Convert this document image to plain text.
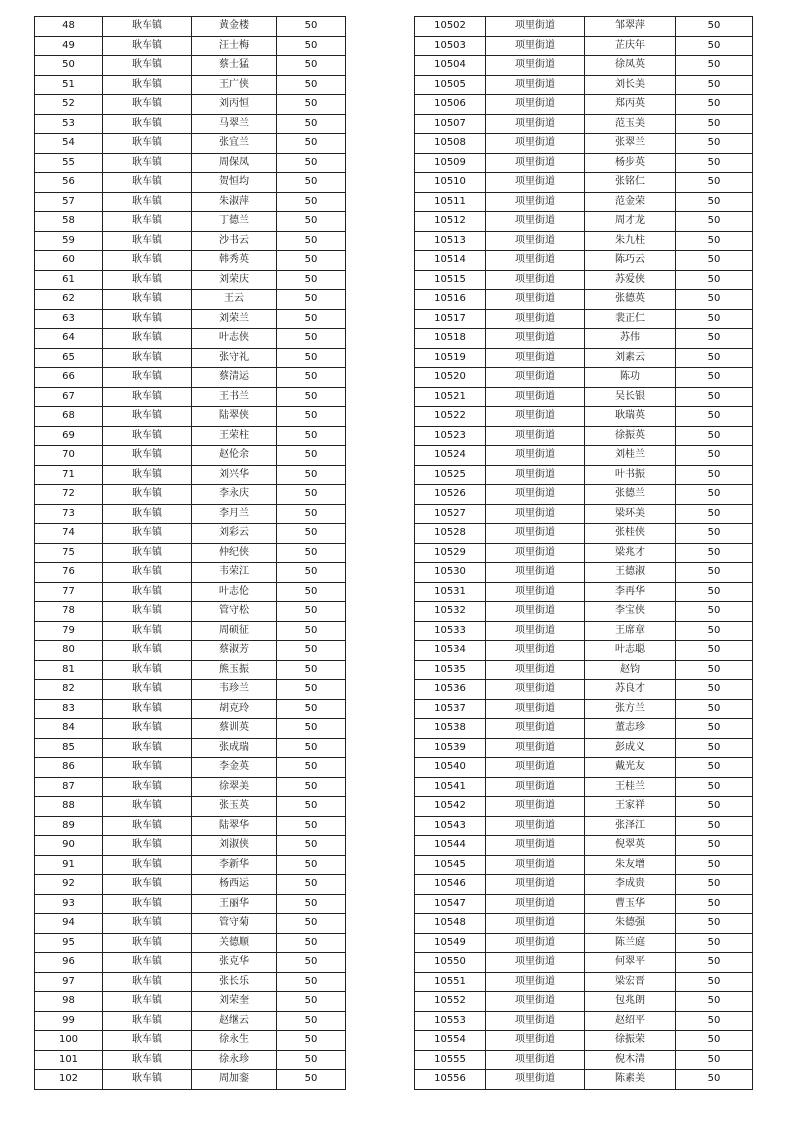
48	耿车镇	黄金楼	50
49	耿车镇	汪士梅	50
50	耿车镇	蔡士猛	50
51	耿车镇	王广侠	50
52	耿车镇	刘丙恒	50
53	耿车镇	马翠兰	50
54	耿车镇	张宜兰	50
55	耿车镇	周保凤	50
56	耿车镇	贺恒均	50
57	耿车镇	朱淑萍	50
58	耿车镇	丁德兰	50
59	耿车镇	沙书云	50
60	耿车镇	韩秀英	50
61	耿车镇	刘荣庆	50
62	耿车镇	王云	50
63	耿车镇	刘荣兰	50
64	耿车镇	叶志侠	50
65	耿车镇	张守礼	50
66	耿车镇	蔡清运	50
67	耿车镇	王书兰	50
68	耿车镇	陆翠侠	50
69	耿车镇	王荣柱	50
70	耿车镇	赵伦余	50
71	耿车镇	刘兴华	50
72	耿车镇	李永庆	50
73	耿车镇	李月兰	50
74	耿车镇	刘彩云	50
75	耿车镇	仲纪侠	50
76	耿车镇	韦荣江	50
77	耿车镇	叶志伦	50
78	耿车镇	管守松	50
79	耿车镇	周硕征	50
80	耿车镇	蔡淑芳	50
81	耿车镇	熊玉振	50
82	耿车镇	韦珍兰	50
83	耿车镇	胡克玲	50
84	耿车镇	蔡训英	50
85	耿车镇	张成瑞	50
86	耿车镇	李金英	50
87	耿车镇	徐翠美	50
88	耿车镇	张玉英	50
89	耿车镇	陆翠华	50
90	耿车镇	刘淑侠	50
91	耿车镇	李新华	50
92	耿车镇	杨西运	50
93	耿车镇	王丽华	50
94	耿车镇	管守菊	50
95	耿车镇	关德顺	50
96	耿车镇	张克华	50
97	耿车镇	张长乐	50
98	耿车镇	刘荣奎	50
99	耿车镇	赵继云	50
100	耿车镇	徐永生	50
101	耿车镇	徐永珍	50
102	耿车镇	周加銮	50
10502	项里街道	邹翠萍	50
10503	项里街道	芷庆年	50
10504	项里街道	徐凤英	50
10505	项里街道	刘长美	50
10506	项里街道	郑丙英	50
10507	项里街道	范玉美	50
10508	项里街道	张翠兰	50
10509	项里街道	杨步英	50
10510	项里街道	张铭仁	50
10511	项里街道	范金荣	50
10512	项里街道	周才龙	50
10513	项里街道	朱九柱	50
10514	项里街道	陈巧云	50
10515	项里街道	苏爱侠	50
10516	项里街道	张德英	50
10517	项里街道	裴正仁	50
10518	项里街道	苏伟	50
10519	项里街道	刘素云	50
10520	项里街道	陈功	50
10521	项里街道	吴长银	50
10522	项里街道	耿瑞英	50
10523	项里街道	徐振英	50
10524	项里街道	刘桂兰	50
10525	项里街道	叶书振	50
10526	项里街道	张德兰	50
10527	项里街道	梁环美	50
10528	项里街道	张桂侠	50
10529	项里街道	梁兆才	50
10530	项里街道	王德淑	50
10531	项里街道	李再华	50
10532	项里街道	李宝侠	50
10533	项里街道	王席章	50
10534	项里街道	叶志聪	50
10535	项里街道	赵钧	50
10536	项里街道	苏良才	50
10537	项里街道	张方兰	50
10538	项里街道	董志珍	50
10539	项里街道	彭成义	50
10540	项里街道	戴光友	50
10541	项里街道	王桂兰	50
10542	项里街道	王家祥	50
10543	项里街道	张泽江	50
10544	项里街道	倪翠英	50
10545	项里街道	朱友增	50
10546	项里街道	李成贵	50
10547	项里街道	曹玉华	50
10548	项里街道	朱德强	50
10549	项里街道	陈兰庭	50
10550	项里街道	何翠平	50
10551	项里街道	梁宏晋	50
10552	项里街道	包兆朗	50
10553	项里街道	赵绍平	50
10554	项里街道	徐振荣	50
10555	项里街道	倪木清	50
10556	项里街道	陈素美	50
